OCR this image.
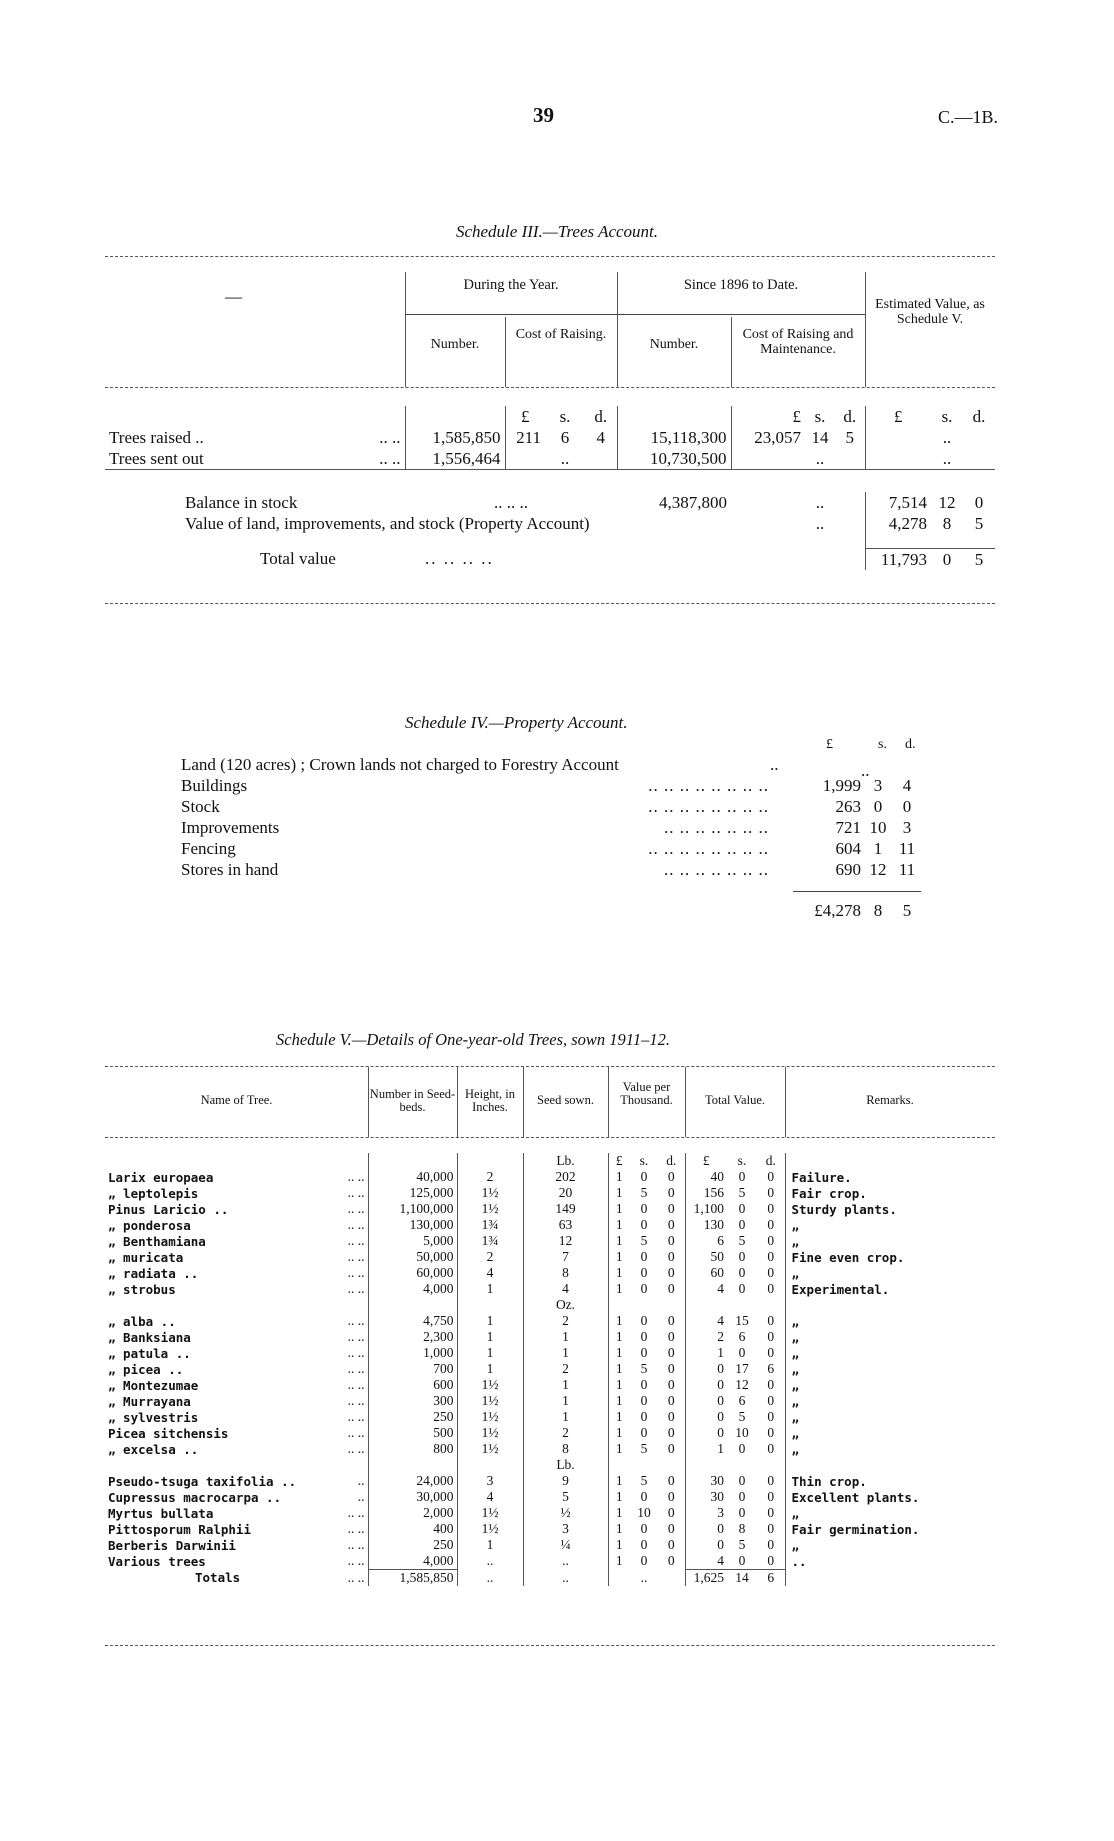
39	C.—1B.
Schedule III.—Trees Account.
—
During the Year.	Since 1896 to Date.
Estimated Value, as Schedule V.
Number.
Cost of Raising.
Number.
Cost of Raising and Maintenance.
			£	s.	d.		£	s.	d.	£	s.	d.
Trees raised ..	.. ..	1,585,850	211	6	4	15,118,300	23,057	14	5		..	
Trees sent out	.. ..	1,556,464		..		10,730,500		..			..	

Balance in stock		.. .. ..				4,387,800		..		7,514	12	0
Value of land, improvements, and stock (Property Account)								..		4,278	8	5

Total value		.. .. .. ..								11,793	0	5
Schedule IV.—Property Account.
£	s. d.
Land (120 acres) ; Crown lands not charged to Forestry Account	..	..
Buildings	.. .. .. .. .. .. .. ..	1,999 3	4
Stock	.. .. .. .. .. .. .. ..	263 0	0
Improvements	.. .. .. .. .. .. ..	721 10 3
Fencing	.. .. .. .. .. .. .. ..	604 1 11
Stores in hand	.. .. .. .. .. .. ..	690 12 11
£4,278 8	5
Schedule V.—Details of One-year-old Trees, sown 1911–12.
Name of Tree.	Number in Seed-beds.
Height, in Inches.	Seed sown.
Value per Thousand.	Total Value.	Remarks.
				Lb.	£	s.	d.	£	s.	d.	
Larix europaea	.. ..	40,000	2	202	1	0	0	40	0	0	Failure.
„ leptolepis	.. ..	125,000	1½	20	1	5	0	156	5	0	Fair crop.
Pinus Laricio ..	.. ..	1,100,000	1½	149	1	0	0	1,100	0	0	Sturdy plants.
„ ponderosa	.. ..	130,000	1¾	63	1	0	0	130	0	0	„
„ Benthamiana	.. ..	5,000	1¾	12	1	5	0	6	5	0	„
„ muricata	.. ..	50,000	2	7	1	0	0	50	0	0	Fine even crop.
„ radiata ..	.. ..	60,000	4	8	1	0	0	60	0	0	„
„ strobus	.. ..	4,000	1	4	1	0	0	4	0	0	Experimental.
				Oz.							
„ alba ..	.. ..	4,750	1	2	1	0	0	4	15	0	„
„ Banksiana	.. ..	2,300	1	1	1	0	0	2	6	0	„
„ patula ..	.. ..	1,000	1	1	1	0	0	1	0	0	„
„ picea ..	.. ..	700	1	2	1	5	0	0	17	6	„
„ Montezumae	.. ..	600	1½	1	1	0	0	0	12	0	„
„ Murrayana	.. ..	300	1½	1	1	0	0	0	6	0	„
„ sylvestris	.. ..	250	1½	1	1	0	0	0	5	0	„
Picea sitchensis	.. ..	500	1½	2	1	0	0	0	10	0	„
„ excelsa ..	.. ..	800	1½	8	1	5	0	1	0	0	„
				Lb.							
Pseudo-tsuga taxifolia ..	..	24,000	3	9	1	5	0	30	0	0	Thin crop.
Cupressus macrocarpa ..	..	30,000	4	5	1	0	0	30	0	0	Excellent plants.
Myrtus bullata	.. ..	2,000	1½	½	1	10	0	3	0	0	„
Pittosporum Ralphii	.. ..	400	1½	3	1	0	0	0	8	0	Fair germination.
Berberis Darwinii	.. ..	250	1	¼	1	0	0	0	5	0	„
Various trees	.. ..	4,000	..	..	1	0	0	4	0	0	..
Totals	.. ..	1,585,850	..	..		..		1,625	14	6	
